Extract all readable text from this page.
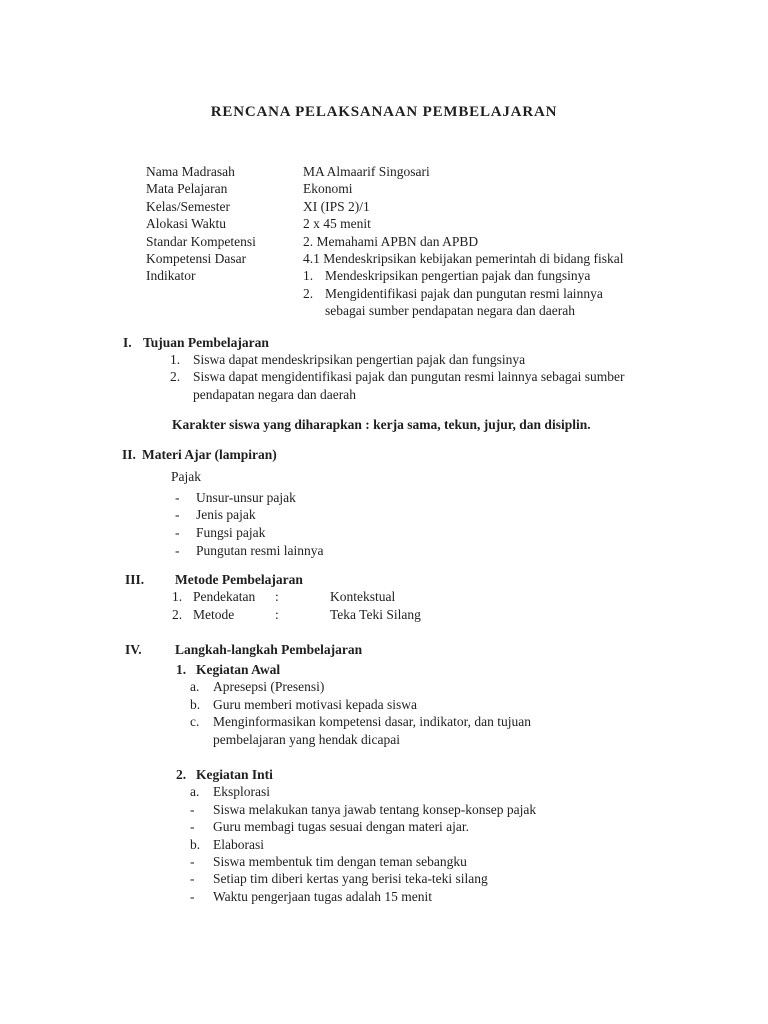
RENCANA PELAKSANAAN PEMBELAJARAN
Nama Madrasah	MA Almaarif Singosari
Mata Pelajaran	Ekonomi
Kelas/Semester	XI (IPS 2)/1
Alokasi Waktu	2 x 45 menit
Standar Kompetensi	2. Memahami APBN dan APBD
Kompetensi Dasar	4.1 Mendeskripsikan kebijakan pemerintah di bidang fiskal
Indikator	1. Mendeskripsikan pengertian pajak dan fungsinya
2. Mengidentifikasi pajak dan pungutan resmi lainnya sebagai sumber pendapatan negara dan daerah
I. Tujuan Pembelajaran
1. Siswa dapat mendeskripsikan pengertian pajak dan fungsinya
2. Siswa dapat mengidentifikasi pajak dan pungutan resmi lainnya sebagai sumber pendapatan negara dan daerah
Karakter siswa yang diharapkan : kerja sama, tekun, jujur, dan disiplin.
II. Materi Ajar (lampiran)
Pajak
-	Unsur-unsur pajak
-	Jenis pajak
-	Fungsi pajak
-	Pungutan resmi lainnya
III.	Metode Pembelajaran
1. Pendekatan	:	Kontekstual
2. Metode	:	Teka Teki Silang
IV.	Langkah-langkah Pembelajaran
1. Kegiatan Awal
a.	Apresepsi (Presensi)
b. Guru memberi motivasi kepada siswa
c.	Menginformasikan kompetensi dasar, indikator, dan tujuan pembelajaran yang hendak dicapai
2. Kegiatan Inti
a.	Eksplorasi
-	Siswa melakukan tanya jawab tentang konsep-konsep pajak
-	Guru membagi tugas sesuai dengan materi ajar.
b. Elaborasi
-	Siswa membentuk tim dengan teman sebangku
-	Setiap tim diberi kertas yang berisi teka-teki silang
-	Waktu pengerjaan tugas adalah 15 menit
